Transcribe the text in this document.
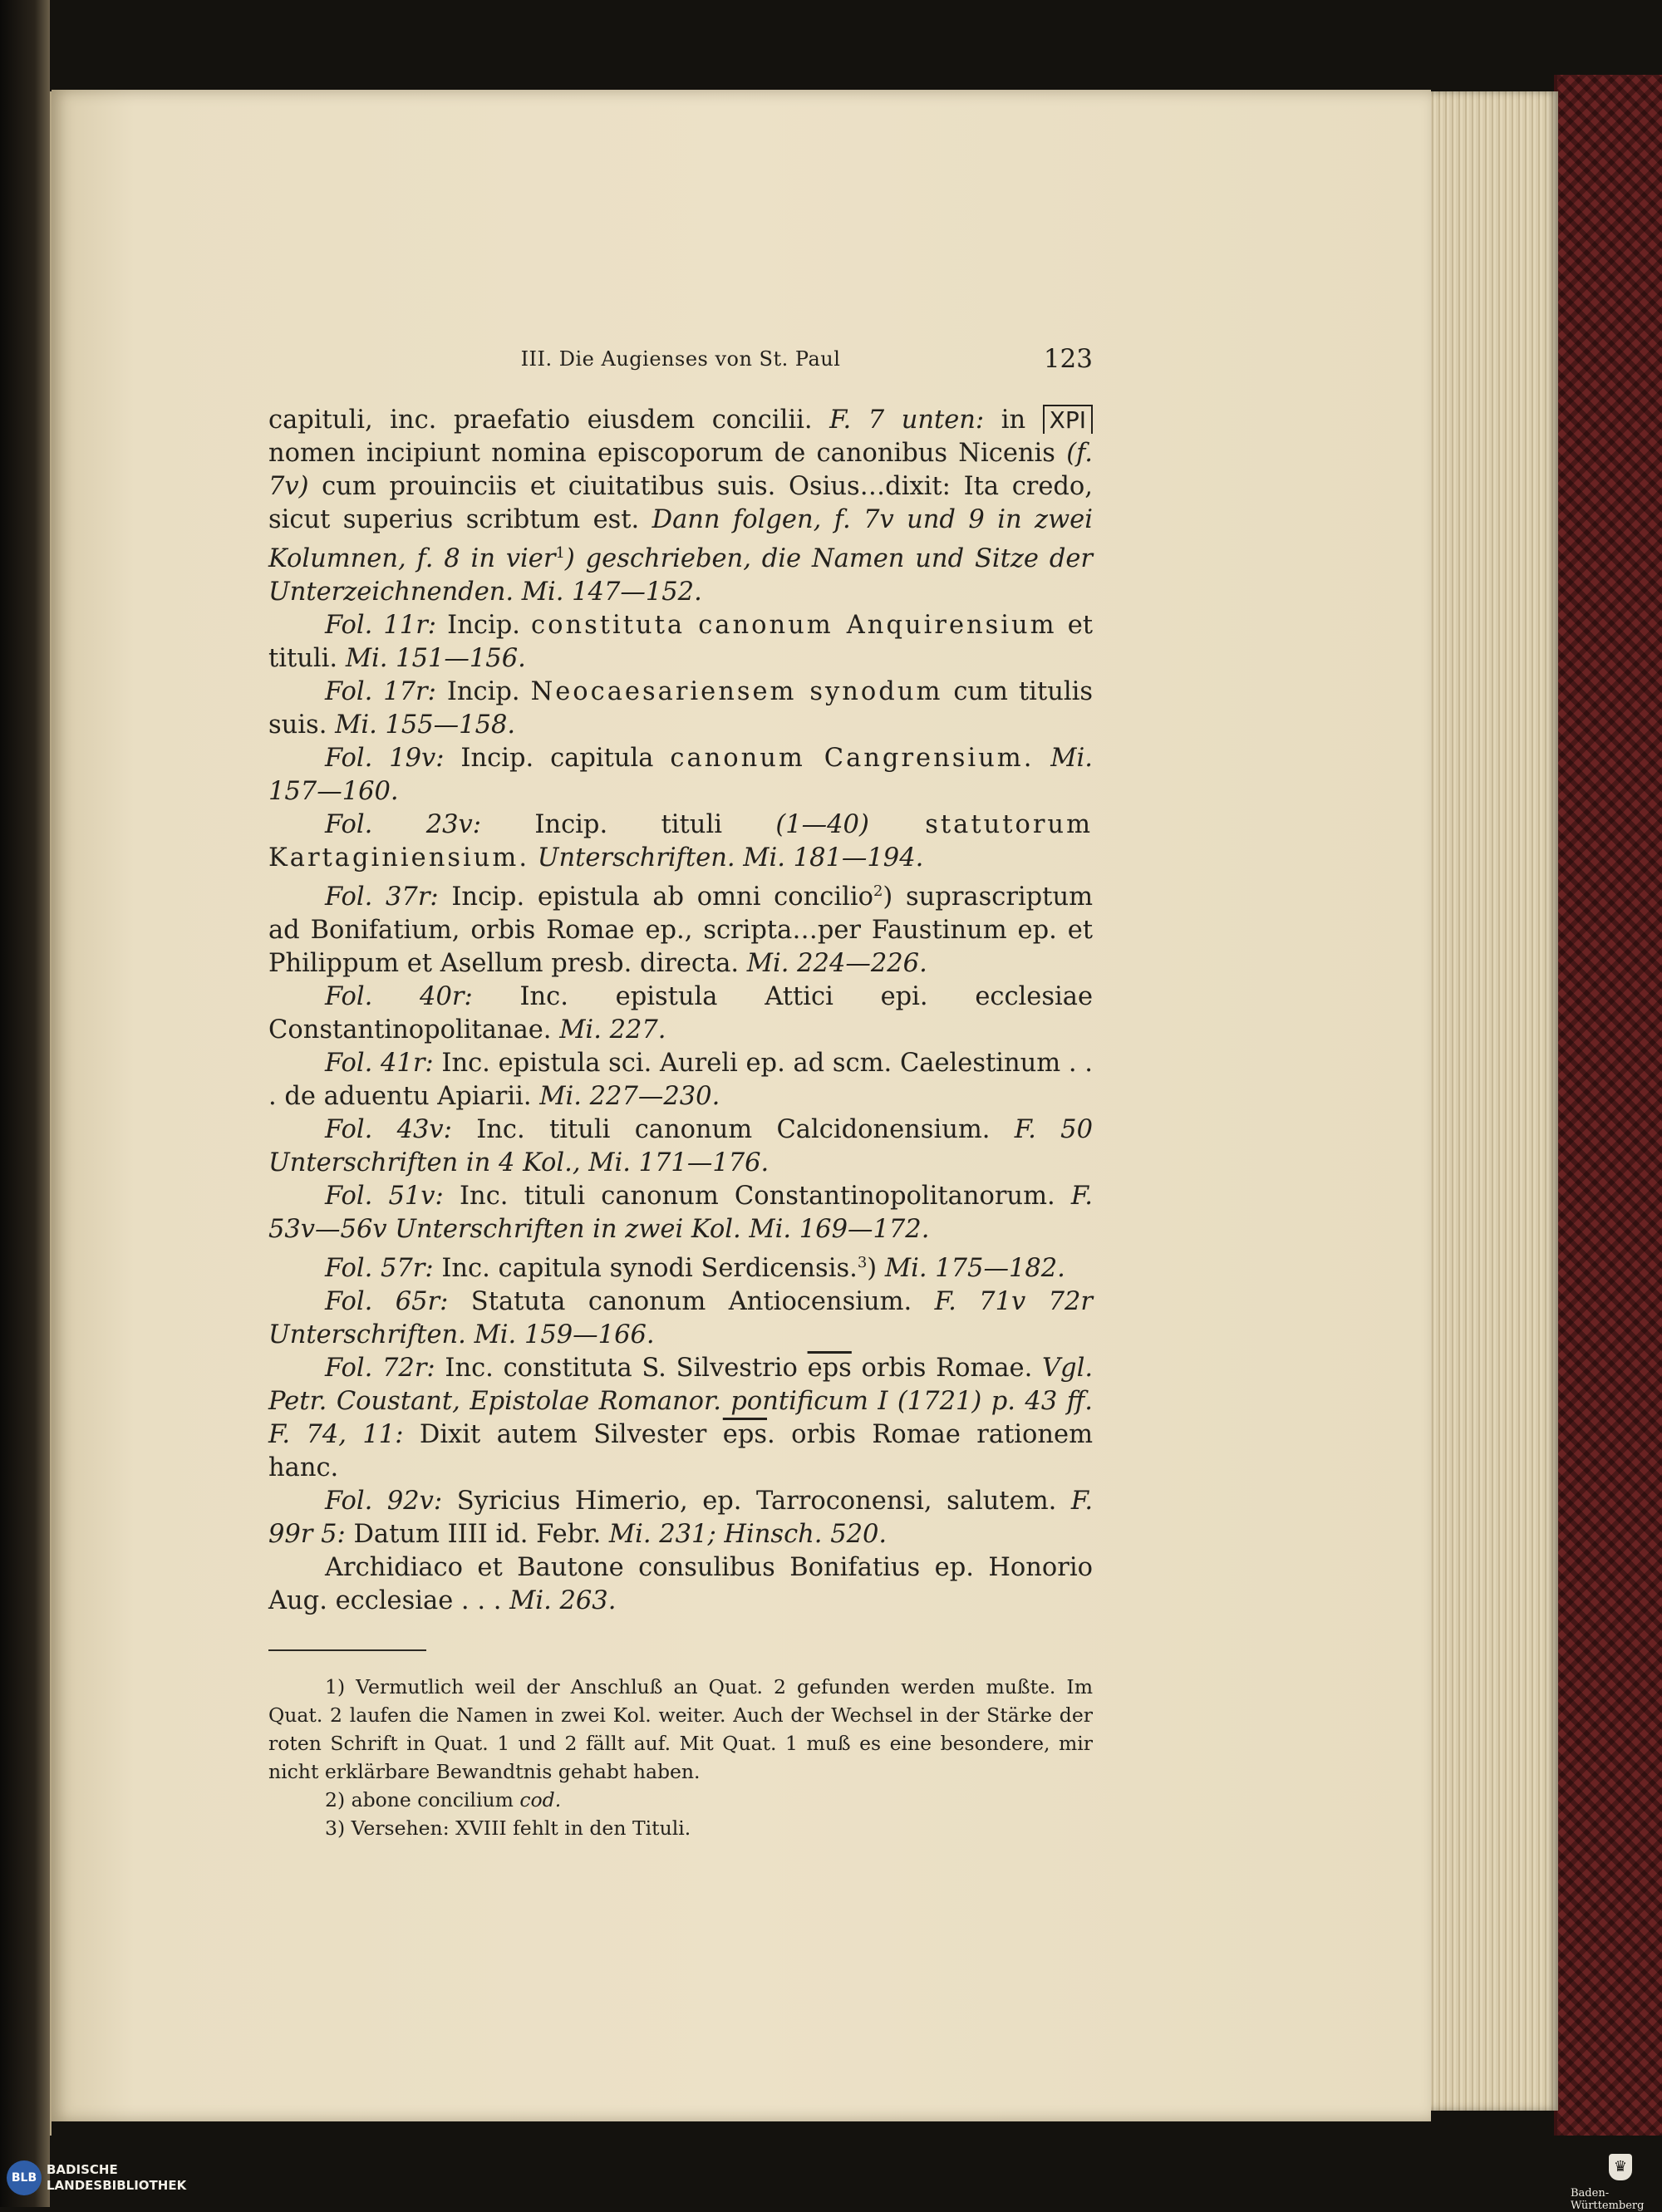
III. Die Augienses von St. Paul	123

capituli, inc. praefatio eiusdem concilii. F. 7 unten: in XPI nomen incipiunt nomina episcoporum de canonibus Nicenis (f. 7v) cum prouinciis et ciuitatibus suis. Osius…dixit: Ita credo, sicut superius scribtum est. Dann folgen, f. 7v und 9 in zwei Kolumnen, f. 8 in vier$^1$) geschrieben, die Namen und Sitze der Unterzeichnenden. Mi. 147—152.

Fol. 11r: Incip. constituta canonum Anquirensium et tituli. Mi. 151—156.

Fol. 17r: Incip. Neocaesariensem synodum cum titulis suis. Mi. 155—158.

Fol. 19v: Incip. capitula canonum Cangrensium. Mi. 157—160.

Fol. 23v: Incip. tituli (1—40) statutorum Kartaginiensium. Unterschriften. Mi. 181—194.

Fol. 37r: Incip. epistula ab omni concilio$^2$) suprascriptum ad Bonifatium, orbis Romae ep., scripta…per Faustinum ep. et Philippum et Asellum presb. directa. Mi. 224—226.

Fol. 40r: Inc. epistula Attici epi. ecclesiae Constantinopolitanae. Mi. 227.

Fol. 41r: Inc. epistula sci. Aureli ep. ad scm. Caelestinum . . . de aduentu Apiarii. Mi. 227—230.

Fol. 43v: Inc. tituli canonum Calcidonensium. F. 50 Unterschriften in 4 Kol., Mi. 171—176.

Fol. 51v: Inc. tituli canonum Constantinopolitanorum. F. 53v—56v Unterschriften in zwei Kol. Mi. 169—172.

Fol. 57r: Inc. capitula synodi Serdicensis.$^3$) Mi. 175—182.

Fol. 65r: Statuta canonum Antiocensium. F. 71v 72r Unterschriften. Mi. 159—166.

Fol. 72r: Inc. constituta S. Silvestrio $\overline{eps}$ orbis Romae. Vgl. Petr. Coustant, Epistolae Romanor. pontificum I (1721) p. 43 ff. F. 74, 11: Dixit autem Silvester $\overline{eps}$. orbis Romae rationem hanc.

Fol. 92v: Syricius Himerio, ep. Tarroconensi, salutem. F. 99r 5: Datum IIII id. Febr. Mi. 231; Hinsch. 520.

Archidiaco et Bautone consulibus Bonifatius ep. Honorio Aug. ecclesiae . . . Mi. 263.

1) Vermutlich weil der Anschluß an Quat. 2 gefunden werden mußte. Im Quat. 2 laufen die Namen in zwei Kol. weiter. Auch der Wechsel in der Stärke der roten Schrift in Quat. 1 und 2 fällt auf. Mit Quat. 1 muß es eine besondere, mir nicht erklärbare Bewandtnis gehabt haben.

2) abone concilium cod.

3) Versehen: XVIII fehlt in den Tituli.

BLB
BADISCHE
LANDESBIBLIOTHEK
♛
Baden-Württemberg
